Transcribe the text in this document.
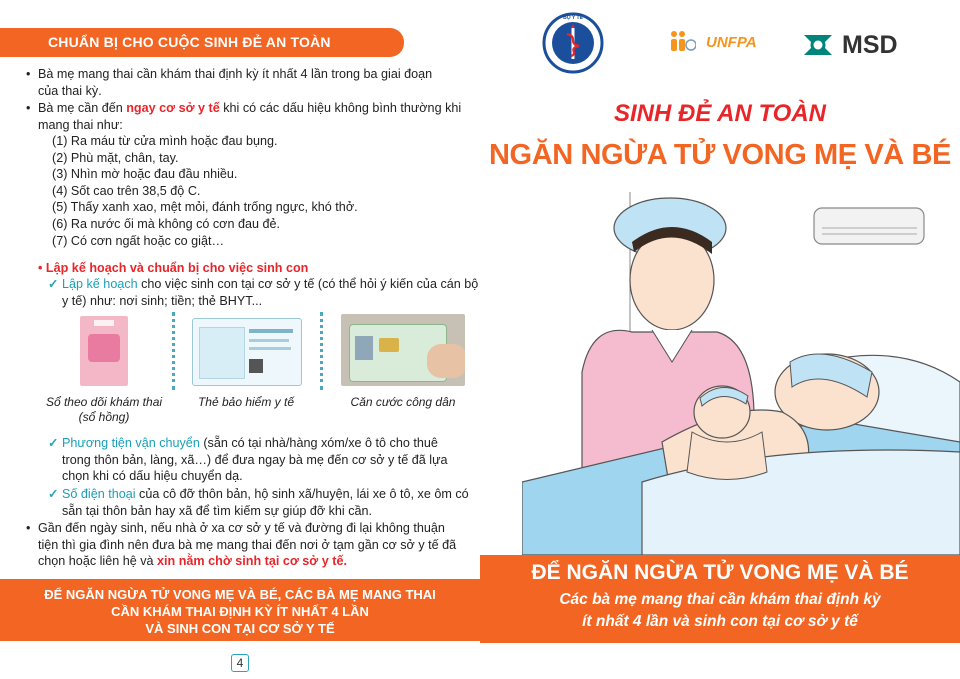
CHUẨN BỊ CHO CUỘC SINH ĐẺ AN TOÀN
• Bà mẹ mang thai cần khám thai định kỳ ít nhất 4 lần trong ba giai đoạn
của thai kỳ.
• Bà mẹ cần đến ngay cơ sở y tế khi có các dấu hiệu không bình thường khi
mang thai như:
(1) Ra máu từ cửa mình hoặc đau bụng.
(2) Phù mặt, chân, tay.
(3) Nhìn mờ hoặc đau đầu nhiều.
(4) Sốt cao trên 38,5 độ C.
(5) Thấy xanh xao, mệt mỏi, đánh trống ngực, khó thở.
(6) Ra nước ối mà không có cơn đau đẻ.
(7) Có cơn ngất hoặc co giật…
• Lập kế hoạch và chuẩn bị cho việc sinh con
✓ Lập kế hoạch cho việc sinh con tại cơ sở y tế (có thể hỏi ý kiến của cán bộ
y tế) như: nơi sinh; tiền; thẻ BHYT...
Sổ theo dõi khám thai
(sổ hồng)
Thẻ bảo hiểm y tế	Căn cước công dân
✓ Phương tiện vận chuyển (sẵn có tại nhà/hàng xóm/xe ô tô cho thuê
trong thôn bản, làng, xã…) để đưa ngay bà mẹ đến cơ sở y tế đã lựa
chọn khi có dấu hiệu chuyển dạ.
✓ Số điện thoại của cô đỡ thôn bản, hộ sinh xã/huyện, lái xe ô tô, xe ôm có
sẵn tại thôn bản hay xã để tìm kiếm sự giúp đỡ khi cần.
• Gần đến ngày sinh, nếu nhà ở xa cơ sở y tế và đường đi lại không thuận
tiện thì gia đình nên đưa bà mẹ mang thai đến nơi ở tạm gần cơ sở y tế đã
chọn hoặc liên hệ và xin nằm chờ sinh tại cơ sở y tế.
ĐỂ NGĂN NGỪA TỬ VONG MẸ VÀ BÉ, CÁC BÀ MẸ MANG THAI
CẦN KHÁM THAI ĐỊNH KỲ ÍT NHẤT 4 LẦN
VÀ SINH CON TẠI CƠ SỞ Y TẾ
4
BỘ Y TẾ
UNFPA	MSD
SINH ĐẺ AN TOÀN
NGĂN NGỪA TỬ VONG MẸ VÀ BÉ
ĐỂ NGĂN NGỪA TỬ VONG MẸ VÀ BÉ
Các bà mẹ mang thai cần khám thai định kỳ
ít nhất 4 lần và sinh con tại cơ sở y tế
